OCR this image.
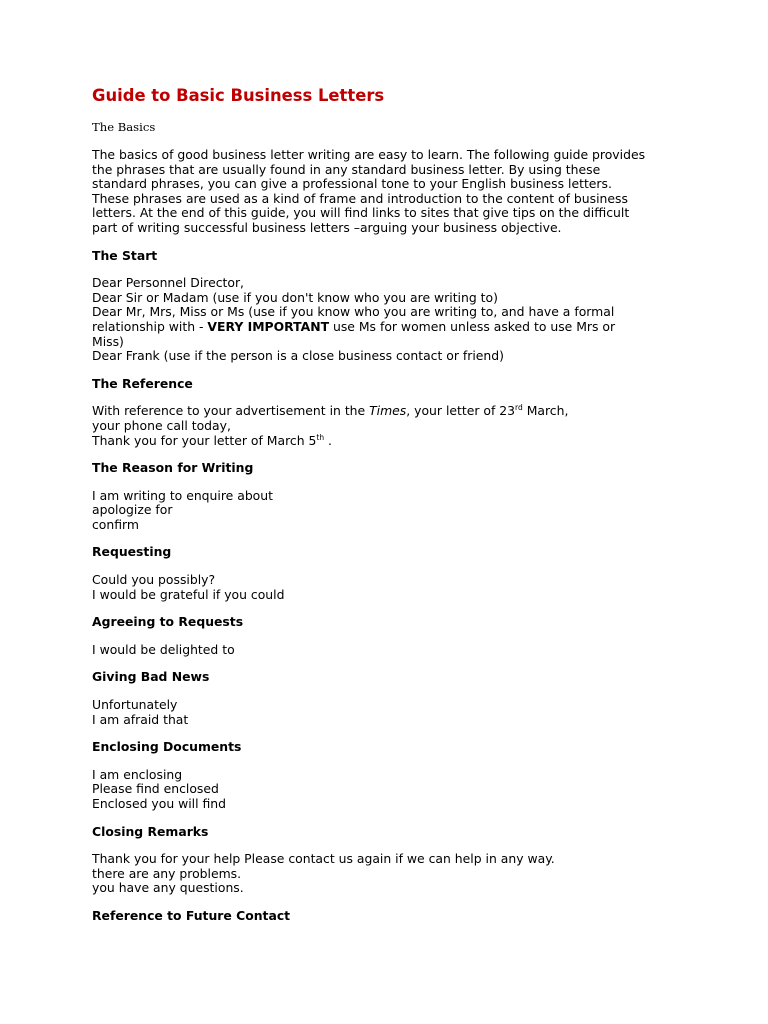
Guide to Basic Business Letters
The Basics
The basics of good business letter writing are easy to learn. The following guide provides
the phrases that are usually found in any standard business letter. By using these
standard phrases, you can give a professional tone to your English business letters.
These phrases are used as a kind of frame and introduction to the content of business
letters. At the end of this guide, you will find links to sites that give tips on the difficult
part of writing successful business letters –arguing your business objective.
The Start
Dear Personnel Director,
Dear Sir or Madam (use if you don't know who you are writing to)
Dear Mr, Mrs, Miss or Ms (use if you know who you are writing to, and have a formal
relationship with - VERY IMPORTANT use Ms for women unless asked to use Mrs or
Miss)
Dear Frank (use if the person is a close business contact or friend)
The Reference
With reference to your advertisement in the Times, your letter of 23rd March,
your phone call today,
Thank you for your letter of March 5th .
The Reason for Writing
I am writing to enquire about
apologize for
confirm
Requesting
Could you possibly?
I would be grateful if you could
Agreeing to Requests
I would be delighted to
Giving Bad News
Unfortunately
I am afraid that
Enclosing Documents
I am enclosing
Please find enclosed
Enclosed you will find
Closing Remarks
Thank you for your help Please contact us again if we can help in any way.
there are any problems.
you have any questions.
Reference to Future Contact
